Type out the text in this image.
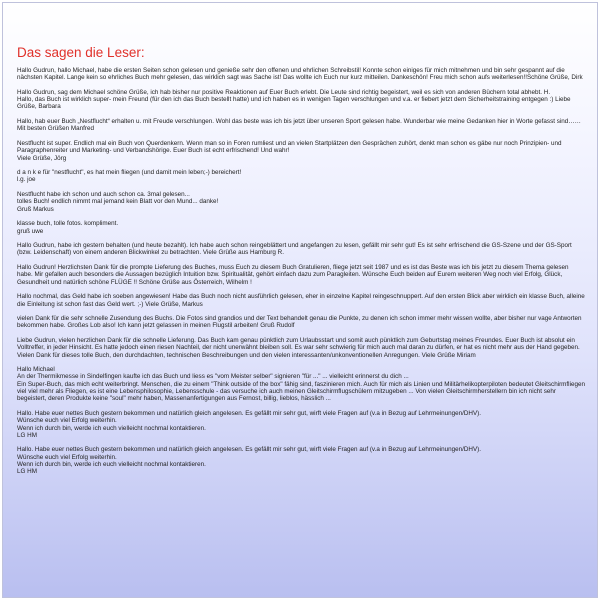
Das sagen die Leser:
Hallo Gudrun, hallo Michael, habe die ersten Seiten schon gelesen und genieße sehr den offenen und ehrlichen Schreibstil! Konnte schon einiges für mich mitnehmen und bin sehr gespannt auf die nächsten Kapitel. Lange kein so ehrliches Buch mehr gelesen, das wirklich sagt was Sache ist! Das wollte ich Euch nur kurz mitteilen. Dankeschön! Freu mich schon aufs weiterlesen!!Schöne Grüße, Dirk
Hallo Gudrun, sag dem Michael schöne Grüße, ich hab bisher nur positive Reaktionen auf Euer Buch erlebt. Die Leute sind richtig begeistert, weil es sich von anderen Büchern total abhebt. H.
Hallo, das Buch ist wirklich super- mein Freund (für den ich das Buch bestellt hatte) und ich haben es in wenigen Tagen verschlungen und v.a. er fiebert jetzt dem Sicherheitstraining entgegen :) Liebe Grüße, Barbara
Hallo, hab euer Buch „Nestflucht“ erhalten u. mit Freude verschlungen. Wohl das beste was ich bis jetzt über unseren Sport gelesen habe. Wunderbar wie meine Gedanken hier in Worte gefasst sind…… Mit besten Grüßen Manfred
Nestflucht ist super. Endlich mal ein Buch von Querdenkern. Wenn man so in Foren rumliest und an vielen Startplätzen den Gesprächen zuhört, denkt man schon es gäbe nur noch Prinzipien- und Paragraphenreiter und Marketing- und Verbandshörige. Euer Buch ist echt erfrischend! Und wahr!
Viele Grüße, Jörg
d a n k e für "nestflucht", es hat mein fliegen (und damit mein leben;-) bereichert!
l.g. joe
Nestflucht habe ich schon und auch schon ca. 3mal gelesen...
tolles Buch! endlich nimmt mal jemand kein Blatt vor den Mund... danke!
Gruß Markus
klasse buch, tolle fotos. kompliment.
gruß uwe
Hallo Gudrun, habe ich gestern behalten (und heute bezahlt). Ich habe auch schon reingeblättert und angefangen zu lesen, gefällt mir sehr gut! Es ist sehr erfrischend die GS-Szene und der GS-Sport (bzw. Leidenschaft) von einem anderen Blickwinkel zu betrachten. Viele Grüße aus Hamburg R.
Hallo Gudrun! Herzlichsten Dank für die prompte Lieferung des Buches, muss Euch zu diesem Buch Gratulieren, fliege jetzt seit 1987 und es ist das Beste was ich bis jetzt zu diesem Thema gelesen habe. Mir gefallen auch besonders die Aussagen bezüglich Intuition bzw. Spiritualität, gehört einfach dazu zum Paragleiten. Wünsche Euch beiden auf Eurem weiteren Weg noch viel Erfolg, Glück, Gesundheit und natürlich schöne FLÜGE !! Schöne Grüße aus Österreich, Wilhelm !
Hallo nochmal, das Geld habe ich soeben angewiesen! Habe das Buch noch nicht ausführlich gelesen, eher in einzelne Kapitel reingeschnuppert. Auf den ersten Blick aber wirklich ein klasse Buch, alleine die Einleitung ist schon fast das Geld wert. ;-) Viele Grüße, Markus
vielen Dank für die sehr schnelle Zusendung des Buchs. Die Fotos sind grandios und der Text behandelt genau die Punkte, zu denen ich schon immer mehr wissen wollte, aber bisher nur vage Antworten bekommen habe. Großes Lob also! Ich kann jetzt gelassen in meinen Flugstil arbeiten! Gruß Rudolf
Liebe Gudrun, vielen herzlichen Dank für die schnelle Lieferung. Das Buch kam genau pünktlich zum Urlaubsstart und somit auch pünktlich zum Geburtstag meines Freundes. Euer Buch ist absolut ein Volltreffer, in jeder Hinsicht. Es hatte jedoch einen riesen Nachteil, der nicht unerwähnt bleiben soll. Es war sehr schwierig für mich auch mal daran zu dürfen, er hat es nicht mehr aus der Hand gegeben. Vielen Dank für dieses tolle Buch, den durchdachten, technischen Beschreibungen und den vielen interessanten/unkonventionellen Anregungen. Viele Grüße Miriam
Hallo Michael
An der Thermikmesse in Sindelfingen kaufte ich das Buch und liess es "vom Meister selber" signieren "für ..." ... vielleicht erinnerst du dich ...
Ein Super-Buch, das mich echt weiterbringt. Menschen, die zu einem "Think outside of the box" fähig sind, faszinieren mich. Auch für mich als Linien und Militärhelikopterpiloten bedeutet Gleitschirmfliegen viel viel mehr als Fliegen, es ist eine Lebensphilosophie, Lebensschule - das versuche ich auch meinen Gleitschirmflugschülern mitzugeben ... Von vielen Gleitschirmherstellern bin ich nicht sehr begeistert, deren Produkte keine "soul" mehr haben, Massenanfertigungen aus Fernost, billig, lieblos, hässlich ...
Hallo. Habe euer nettes Buch gestern bekommen und natürlich gleich angelesen. Es gefällt mir sehr gut, wirft viele Fragen auf (v.a in Bezug auf Lehrmeinungen/DHV).
Wünsche euch viel Erfolg weiterhin.
Wenn ich durch bin, werde ich euch vielleicht nochmal kontaktieren.
LG HM
Hallo. Habe euer nettes Buch gestern bekommen und natürlich gleich angelesen. Es gefällt mir sehr gut, wirft viele Fragen auf (v.a in Bezug auf Lehrmeinungen/DHV).
Wünsche euch viel Erfolg weiterhin.
Wenn ich durch bin, werde ich euch vielleicht nochmal kontaktieren.
LG HM
